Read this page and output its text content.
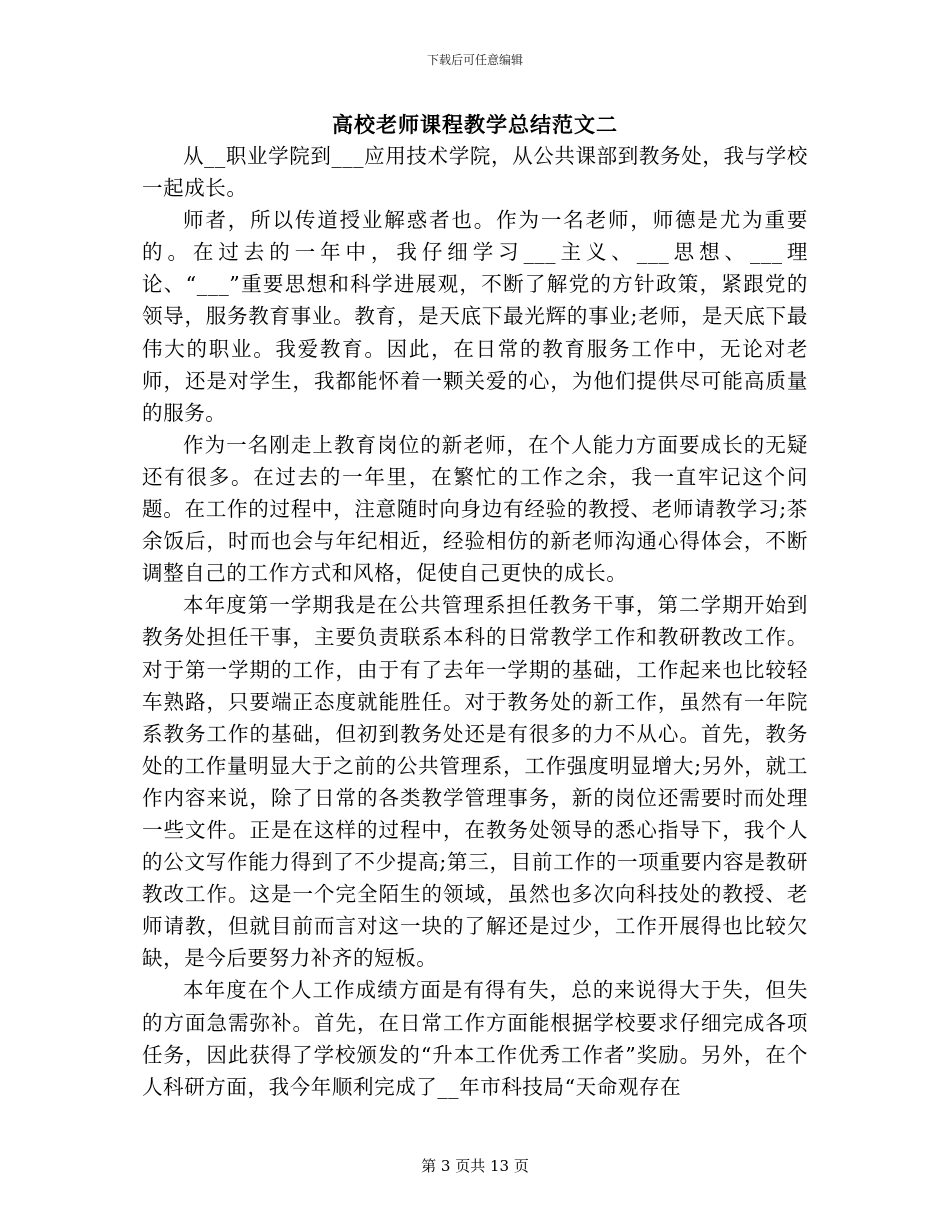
下载后可任意编辑
高校老师课程教学总结范文二

从__职业学院到___应用技术学院，从公共课部到教务处，我与学校一起成长。

师者，所以传道授业解惑者也。作为一名老师，师德是尤为重要的。在过去的一年中，我仔细学习___主义、___思想、___理论、“___”重要思想和科学进展观，不断了解党的方针政策，紧跟党的领导，服务教育事业。教育，是天底下最光辉的事业;老师，是天底下最伟大的职业。我爱教育。因此，在日常的教育服务工作中，无论对老师，还是对学生，我都能怀着一颗关爱的心，为他们提供尽可能高质量的服务。

作为一名刚走上教育岗位的新老师，在个人能力方面要成长的无疑还有很多。在过去的一年里，在繁忙的工作之余，我一直牢记这个问题。在工作的过程中，注意随时向身边有经验的教授、老师请教学习;茶余饭后，时而也会与年纪相近，经验相仿的新老师沟通心得体会，不断调整自己的工作方式和风格，促使自己更快的成长。

本年度第一学期我是在公共管理系担任教务干事，第二学期开始到教务处担任干事，主要负责联系本科的日常教学工作和教研教改工作。对于第一学期的工作，由于有了去年一学期的基础，工作起来也比较轻车熟路，只要端正态度就能胜任。对于教务处的新工作，虽然有一年院系教务工作的基础，但初到教务处还是有很多的力不从心。首先，教务处的工作量明显大于之前的公共管理系，工作强度明显增大;另外，就工作内容来说，除了日常的各类教学管理事务，新的岗位还需要时而处理一些文件。正是在这样的过程中，在教务处领导的悉心指导下，我个人的公文写作能力得到了不少提高;第三，目前工作的一项重要内容是教研教改工作。这是一个完全陌生的领域，虽然也多次向科技处的教授、老师请教，但就目前而言对这一块的了解还是过少，工作开展得也比较欠缺，是今后要努力补齐的短板。

本年度在个人工作成绩方面是有得有失，总的来说得大于失，但失的方面急需弥补。首先，在日常工作方面能根据学校要求仔细完成各项任务，因此获得了学校颁发的“升本工作优秀工作者”奖励。另外，在个人科研方面，我今年顺利完成了__年市科技局“天命观存在

第 3 页共 13 页
